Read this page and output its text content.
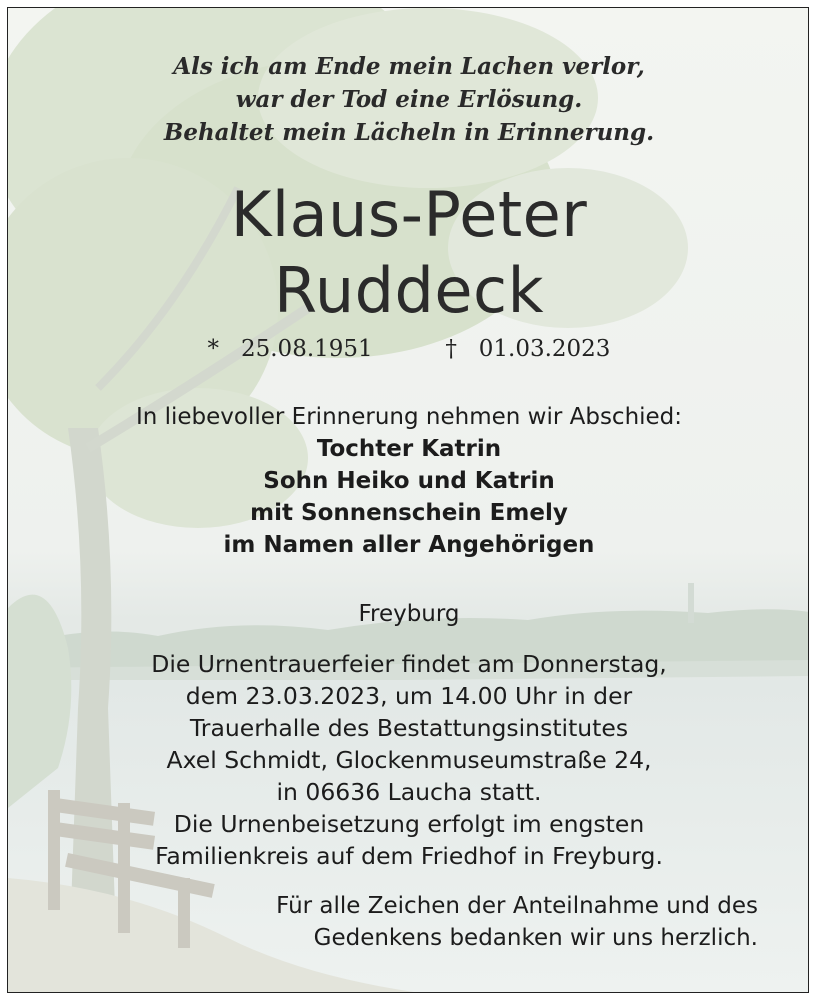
Als ich am Ende mein Lachen verlor,
war der Tod eine Erlösung.
Behaltet mein Lächeln in Erinnerung.
Klaus-Peter
Ruddeck
* 25.08.1951	† 01.03.2023
In liebevoller Erinnerung nehmen wir Abschied:
Tochter Katrin
Sohn Heiko und Katrin
mit Sonnenschein Emely
im Namen aller Angehörigen
Freyburg
Die Urnentrauerfeier findet am Donnerstag,
dem 23.03.2023, um 14.00 Uhr in der
Trauerhalle des Bestattungsinstitutes
Axel Schmidt, Glockenmuseumstraße 24,
in 06636 Laucha statt.
Die Urnenbeisetzung erfolgt im engsten
Familienkreis auf dem Friedhof in Freyburg.
Für alle Zeichen der Anteilnahme und des
Gedenkens bedanken wir uns herzlich.
